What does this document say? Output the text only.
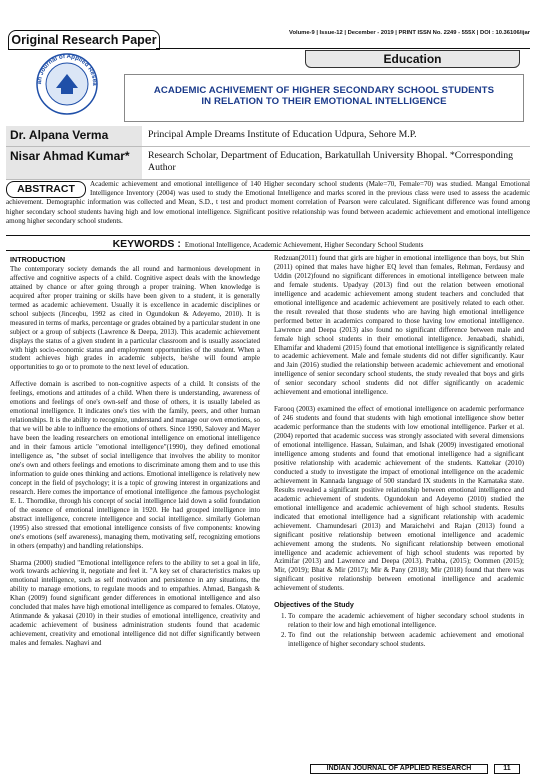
Original Research Paper	Volume-9 | Issue-12 | December - 2019 | PRINT ISSN No. 2249 - 555X | DOI : 10.36106/ijar
Education
an Journal of Applied Resea
ACADEMIC ACHIVEMENT OF HIGHER SECONDARY SCHOOL STUDENTS
IN RELATION TO THEIR EMOTIONAL INTELLIGENCE
Dr. Alpana Verma	Principal Ample Dreams Institute of Education Udpura, Sehore M.P.
Nisar Ahmad Kumar*	Research Scholar, Department of Education, Barkatullah University Bhopal. *Corresponding Author
ABSTRACT	Academic achievement and emotional intelligence of 140 Higher secondary school students (Male=70, Female=70) was studied. Mangal Emotional Intelligence Inventory (2004) was used to study the Emotional Intelligence and marks scored in the previous class were used to assess the academic achievement. Demographic information was collected and Mean, S.D., t test and product moment correlation of Pearson were calculated. Significant difference was found among higher secondary school students having high and low emotional intelligence. Significant positive relationship was found between academic achievement and emotional intelligence among higher secondary school students.
KEYWORDS : Emotional Intelligence, Academic Achievement, Higher Secondary School Students
INTRODUCTION

The contemporary society demands the all round and harmonious development in affective and cognitive aspects of a child. Cognitive aspect deals with the knowledge attained by chance or after going through a proper training. When knowledge is acquired after proper training or skills have been given to a student, it is generally termed as academic achievement. Usually it is excellence in academic disciplines or school subjects (Jinceqbu, 1992 as cited in Ogundokun & Adeyemo, 2010). It is measured in terms of marks, percentage or grades obtained by a particular student in one subject or a group of subjects (Lawrence & Deepa, 2013). This academic achievement displays the status of a given student in a particular classroom and is usually associated with high socio-economic status and employment opportunities of the student. When a student achieves high grades in academic subjects, he/she will found ample opportunities to go or to promote to the next level of education.

Affective domain is ascribed to non-cognitive aspects of a child. It consists of the feelings, emotions and attitudes of a child. When there is understanding, awareness of emotions and feelings of one's own-self and those of others, it is usually labeled as emotional intelligence. It indicates one's ties with the family, peers, and other human relationships. It is the ability to recognize, understand and manage our own emotions, so that we will be able to influence the emotions of others. Since 1990, Salovey and Mayer have been the leading researchers on emotional intelligence on emotional intelligence and in their famous article "emotional intelligence"(1990), they defined emotional intelligence as, "the subset of social intelligence that involves the ability to monitor one's own and others feelings and emotions to discriminate among them and to use this information to guide ones thinking and actions. Emotional intelligence is relatively new concept in the field of psychology; it is a topic of growing interest in organizations and research. Here comes the importance of emotional intelligence .the famous psychologist E. L. Thorndike, through his concept of social intelligence laid down a solid foundation of the essence of emotional intelligence in 1920. He had grouped intelligence into abstract intelligence, concrete intelligence and social intelligence. similarly Goleman (1995) also stressed that emotional intelligence consists of five components: knowing one's emotions (self awareness), managing them, motivating self, recognizing emotions in others (empathy) and handling relationships.

Sharma (2000) studied "Emotional intelligence refers to the ability to set a goal in life, work towards achieving it, negotiate and feel it. "A key set of characteristics makes up emotional intelligence, such as self motivation and persistence in any situations, the ability to manage emotions, to regulate moods and to empathies. Ahmad, Bangash & Khan (2009) found significant gender differences in emotional intelligence and also concluded that males have high emotional intelligence as compared to females. Olatoye, Atinmande & yakasai (2010) in their studies of emotional intelligence, creativity and academic achievement of business administration students found that academic achievement, creativity and emotional intelligence did not differ significantly between males and females. Naghavi and

Redzuan(2011) found that girls are higher in emotional intelligence than boys, but Shin (2011) opined that males have higher EQ level than females, Rehman, Ferdausy and Uddin (2012)found no significant differences in emotional intelligence between male and female students. Upadyay (2013) find out the relation between emotional intelligence and academic achievement among student teachers and concluded that emotional intelligence and academic achievement are positively related to each other. the result revealed that those students who are having high emotional intelligence performed better in academics compared to those having low emotional intelligence. Lawrence and Deepa (2013) also found no significant difference between male and female high school students in their emotional intelligence. Jenaabadi, shahidi, Elhamifar and khademi (2015) found that emotional intelligence is significantly related to academic achievement. Male and female students did not differ significantly. Kaur and Jain (2016) studied the relationship between academic achievement and emotional intelligence of senior secondary school students, the study revealed that boys and girls of senior secondary school students did not differ significantly on academic achievement and emotional intelligence.

Farooq (2003) examined the effect of emotional intelligence on academic performance of 246 students and found that students with high emotional intelligence show better academic performance than the students with low emotional intelligence. Parker et al. (2004) reported that academic success was strongly associated with several dimensions of emotional intelligence. Hassan, Sulaiman, and Ishak (2009) investigated emotional intelligence among students and found that emotional intelligence had a significant positive relationship with academic achievement of the students. Kattekar (2010) conducted a study to investigate the impact of emotional intelligence on the academic achievement in Kannada language of 500 standard IX students in the Karnataka state. Results revealed a significant positive relationship between emotional intelligence and academic achievement of students. Ogundokun and Adeyemo (2010) studied the emotional intelligence and academic achievement of high school students. Results indicated that emotional intelligence had a significant relationship with academic achievement. Chamundesari (2013) and Maraichelvi and Rajan (2013) found a significant positive relationship between emotional intelligence and academic achievement among the students. No significant relationship between emotional intelligence and academic achievement of high school students was reported by Azimifar (2013) and Lawrence and Deepa (2013). Prabha, (2015); Oommen (2015); Mir, (2019); Bhat & Mir (2017); Mir & Pany (2018); Mir (2018) found that there was significant positive relationship between emotional intelligence and academic achievement of students.

Objectives of the Study
1. To compare the academic achievement of higher secondary school students in relation to their low and high emotional intelligence.
2. To find out the relationship between academic achievement and emotional intelligence of higher secondary school students.
INDIAN JOURNAL OF APPLIED RESEARCH	11
